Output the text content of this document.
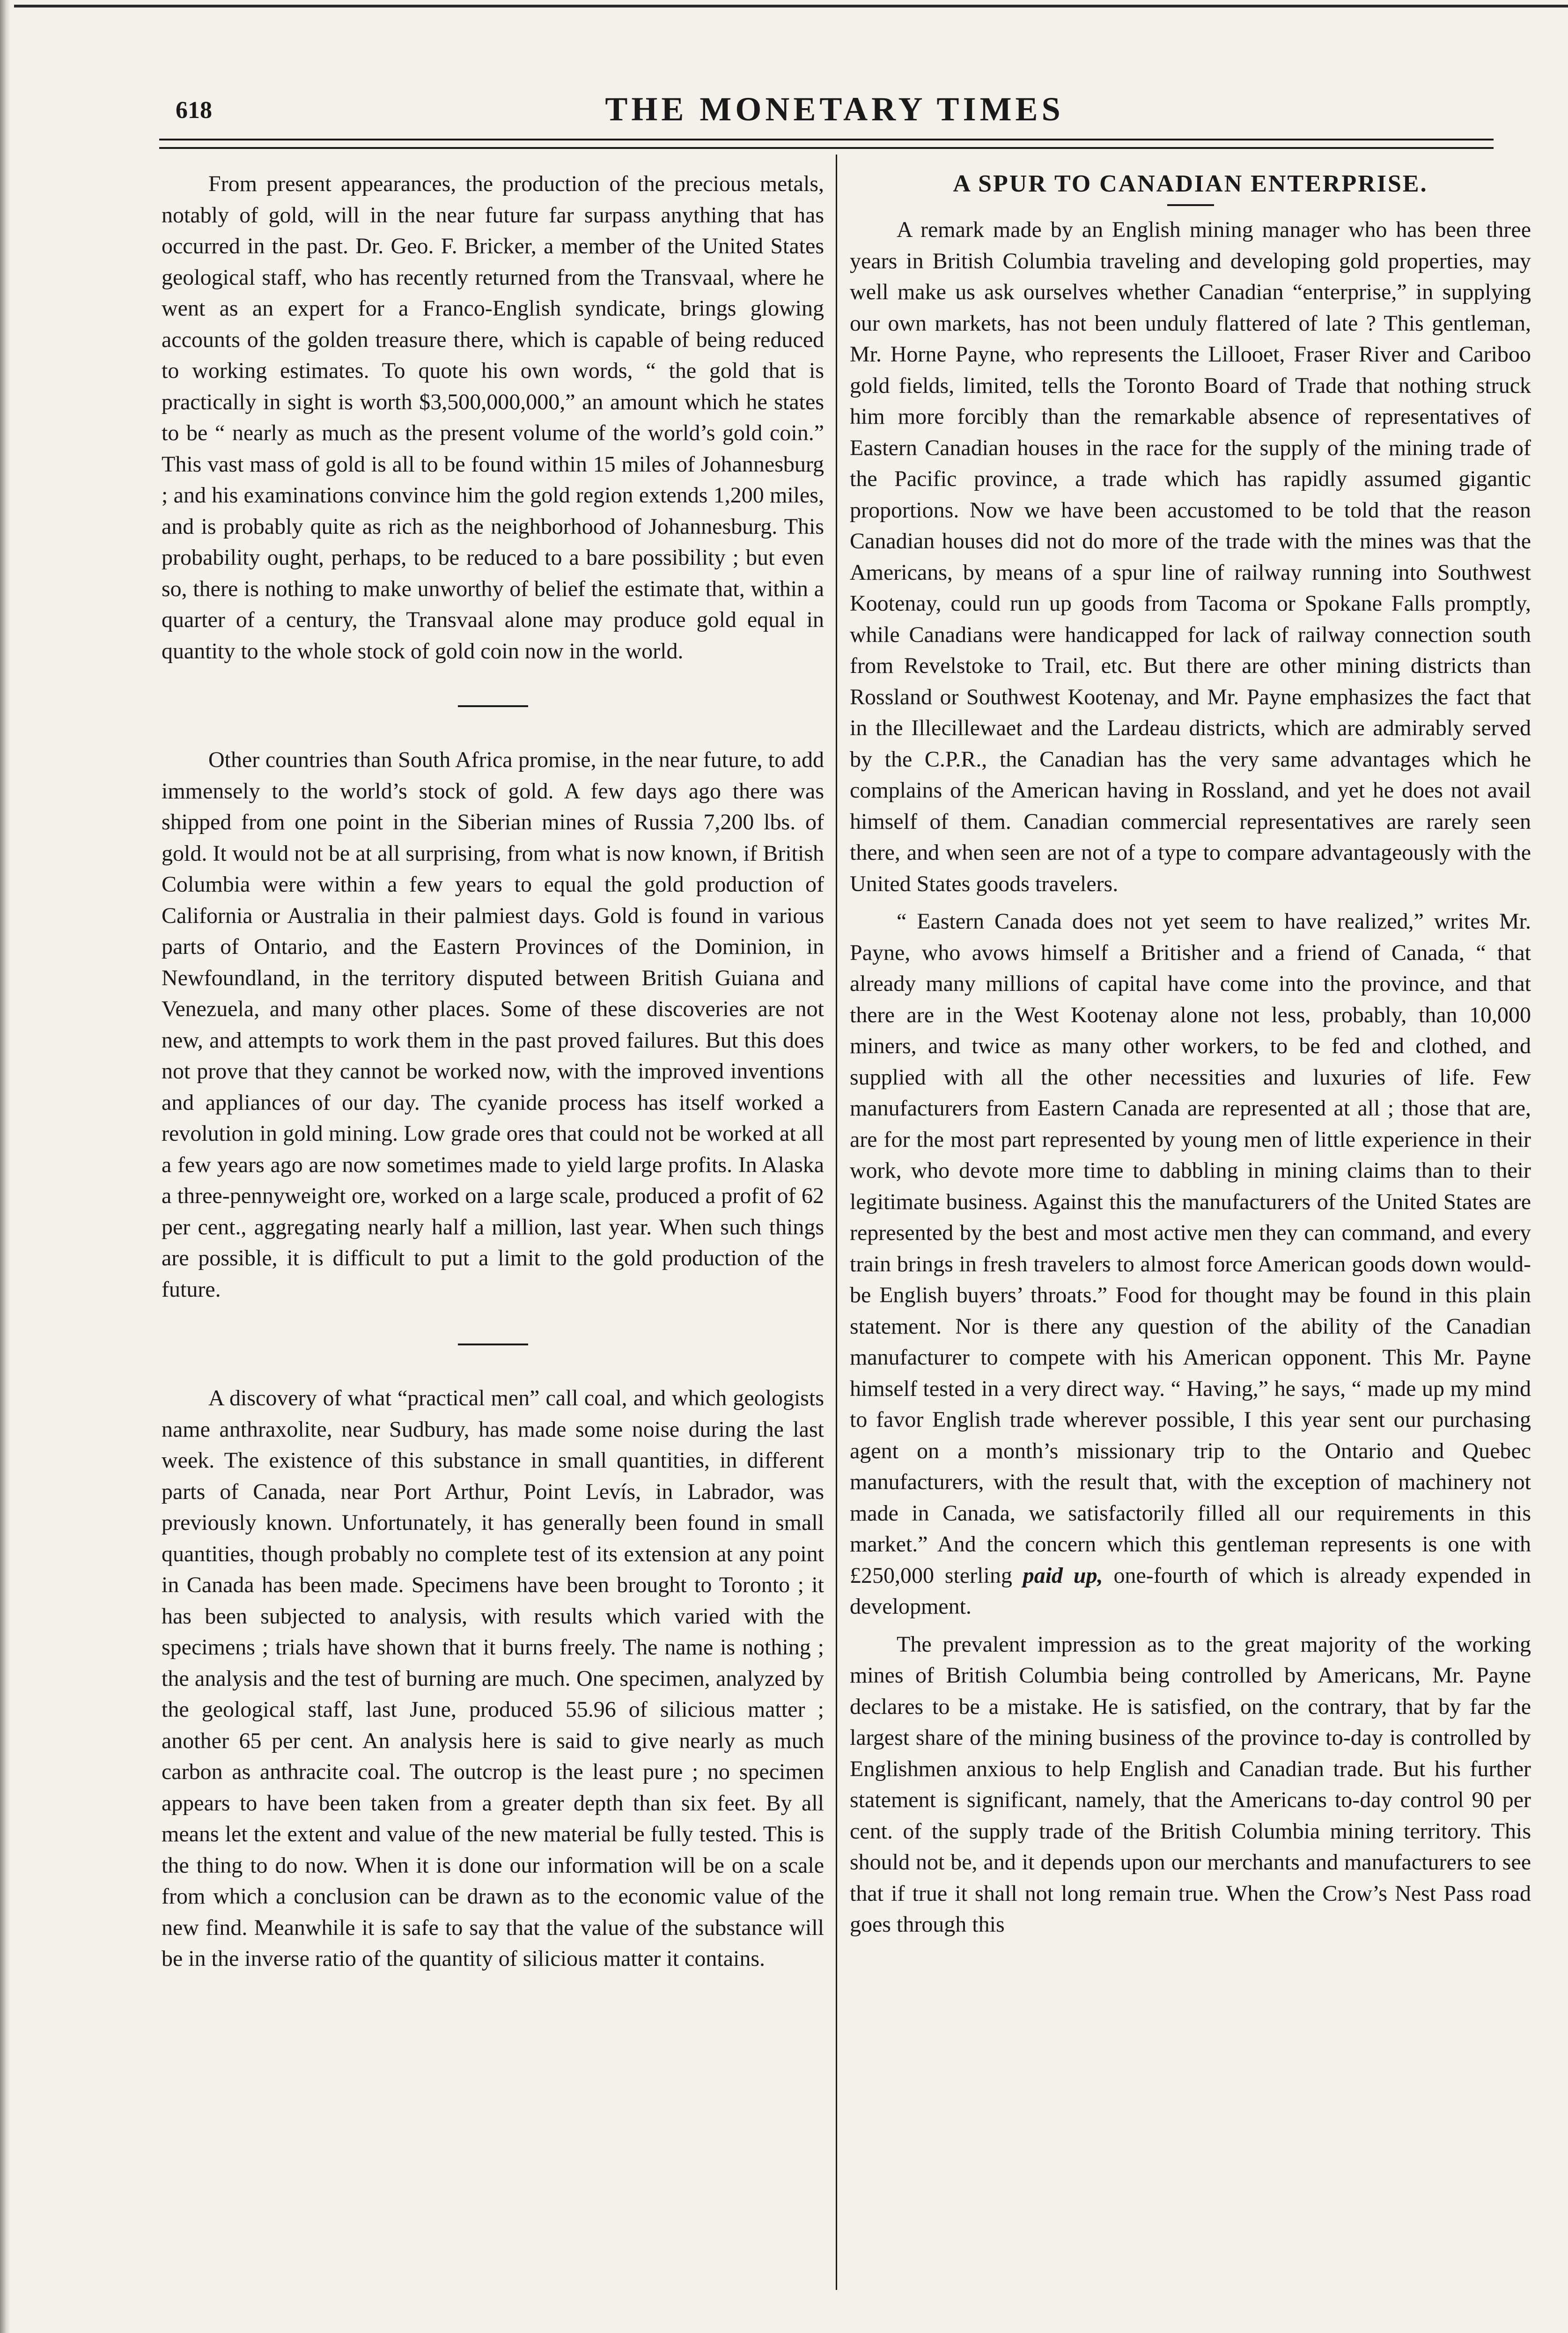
618	THE MONETARY TIMES

From present appearances, the production of the precious metals, notably of gold, will in the near future far surpass anything that has occurred in the past. Dr. Geo. F. Bricker, a member of the United States geological staff, who has recently returned from the Transvaal, where he went as an expert for a Franco-English syndicate, brings glowing accounts of the golden treasure there, which is capable of being reduced to working estimates. To quote his own words, “ the gold that is practically in sight is worth $3,500,000,000,” an amount which he states to be “ nearly as much as the present volume of the world’s gold coin.” This vast mass of gold is all to be found within 15 miles of Johannesburg ; and his examinations convince him the gold region extends 1,200 miles, and is probably quite as rich as the neighborhood of Johannesburg. This probability ought, perhaps, to be reduced to a bare possibility ; but even so, there is nothing to make unworthy of belief the estimate that, within a quarter of a century, the Transvaal alone may produce gold equal in quantity to the whole stock of gold coin now in the world.

Other countries than South Africa promise, in the near future, to add immensely to the world’s stock of gold. A few days ago there was shipped from one point in the Siberian mines of Russia 7,200 lbs. of gold. It would not be at all surprising, from what is now known, if British Columbia were within a few years to equal the gold production of California or Australia in their palmiest days. Gold is found in various parts of Ontario, and the Eastern Provinces of the Dominion, in Newfoundland, in the territory disputed between British Guiana and Venezuela, and many other places. Some of these discoveries are not new, and attempts to work them in the past proved failures. But this does not prove that they cannot be worked now, with the improved inventions and appliances of our day. The cyanide process has itself worked a revolution in gold mining. Low grade ores that could not be worked at all a few years ago are now sometimes made to yield large profits. In Alaska a three-pennyweight ore, worked on a large scale, produced a profit of 62 per cent., aggregating nearly half a million, last year. When such things are possible, it is difficult to put a limit to the gold production of the future.

A discovery of what “practical men” call coal, and which geologists name anthraxolite, near Sudbury, has made some noise during the last week. The existence of this substance in small quantities, in different parts of Canada, near Port Arthur, Point Levís, in Labrador, was previously known. Unfortunately, it has generally been found in small quantities, though probably no complete test of its extension at any point in Canada has been made. Specimens have been brought to Toronto ; it has been subjected to analysis, with results which varied with the specimens ; trials have shown that it burns freely. The name is nothing ; the analysis and the test of burning are much. One specimen, analyzed by the geological staff, last June, produced 55.96 of silicious matter ; another 65 per cent. An analysis here is said to give nearly as much carbon as anthracite coal. The outcrop is the least pure ; no specimen appears to have been taken from a greater depth than six feet. By all means let the extent and value of the new material be fully tested. This is the thing to do now. When it is done our information will be on a scale from which a conclusion can be drawn as to the economic value of the new find. Meanwhile it is safe to say that the value of the substance will be in the inverse ratio of the quantity of silicious matter it contains.

A SPUR TO CANADIAN ENTERPRISE.

A remark made by an English mining manager who has been three years in British Columbia traveling and developing gold properties, may well make us ask ourselves whether Canadian “enterprise,” in supplying our own markets, has not been unduly flattered of late ? This gentleman, Mr. Horne Payne, who represents the Lillooet, Fraser River and Cariboo gold fields, limited, tells the Toronto Board of Trade that nothing struck him more forcibly than the remarkable absence of representatives of Eastern Canadian houses in the race for the supply of the mining trade of the Pacific province, a trade which has rapidly assumed gigantic proportions. Now we have been accustomed to be told that the reason Canadian houses did not do more of the trade with the mines was that the Americans, by means of a spur line of railway running into Southwest Kootenay, could run up goods from Tacoma or Spokane Falls promptly, while Canadians were handicapped for lack of railway connection south from Revelstoke to Trail, etc. But there are other mining districts than Rossland or Southwest Kootenay, and Mr. Payne emphasizes the fact that in the Illecillewaet and the Lardeau districts, which are admirably served by the C.P.R., the Canadian has the very same advantages which he complains of the American having in Rossland, and yet he does not avail himself of them. Canadian commercial representatives are rarely seen there, and when seen are not of a type to compare advantageously with the United States goods travelers.

“ Eastern Canada does not yet seem to have realized,” writes Mr. Payne, who avows himself a Britisher and a friend of Canada, “ that already many millions of capital have come into the province, and that there are in the West Kootenay alone not less, probably, than 10,000 miners, and twice as many other workers, to be fed and clothed, and supplied with all the other necessities and luxuries of life. Few manufacturers from Eastern Canada are represented at all ; those that are, are for the most part represented by young men of little experience in their work, who devote more time to dabbling in mining claims than to their legitimate business. Against this the manufacturers of the United States are represented by the best and most active men they can command, and every train brings in fresh travelers to almost force American goods down would-be English buyers’ throats.” Food for thought may be found in this plain statement. Nor is there any question of the ability of the Canadian manufacturer to compete with his American opponent. This Mr. Payne himself tested in a very direct way. “ Having,” he says, “ made up my mind to favor English trade wherever possible, I this year sent our purchasing agent on a month’s missionary trip to the Ontario and Quebec manufacturers, with the result that, with the exception of machinery not made in Canada, we satisfactorily filled all our requirements in this market.” And the concern which this gentleman represents is one with £250,000 sterling paid up, one-fourth of which is already expended in development.

The prevalent impression as to the great majority of the working mines of British Columbia being controlled by Americans, Mr. Payne declares to be a mistake. He is satisfied, on the contrary, that by far the largest share of the mining business of the province to-day is controlled by Englishmen anxious to help English and Canadian trade. But his further statement is significant, namely, that the Americans to-day control 90 per cent. of the supply trade of the British Columbia mining territory. This should not be, and it depends upon our merchants and manufacturers to see that if true it shall not long remain true. When the Crow’s Nest Pass road goes through this
